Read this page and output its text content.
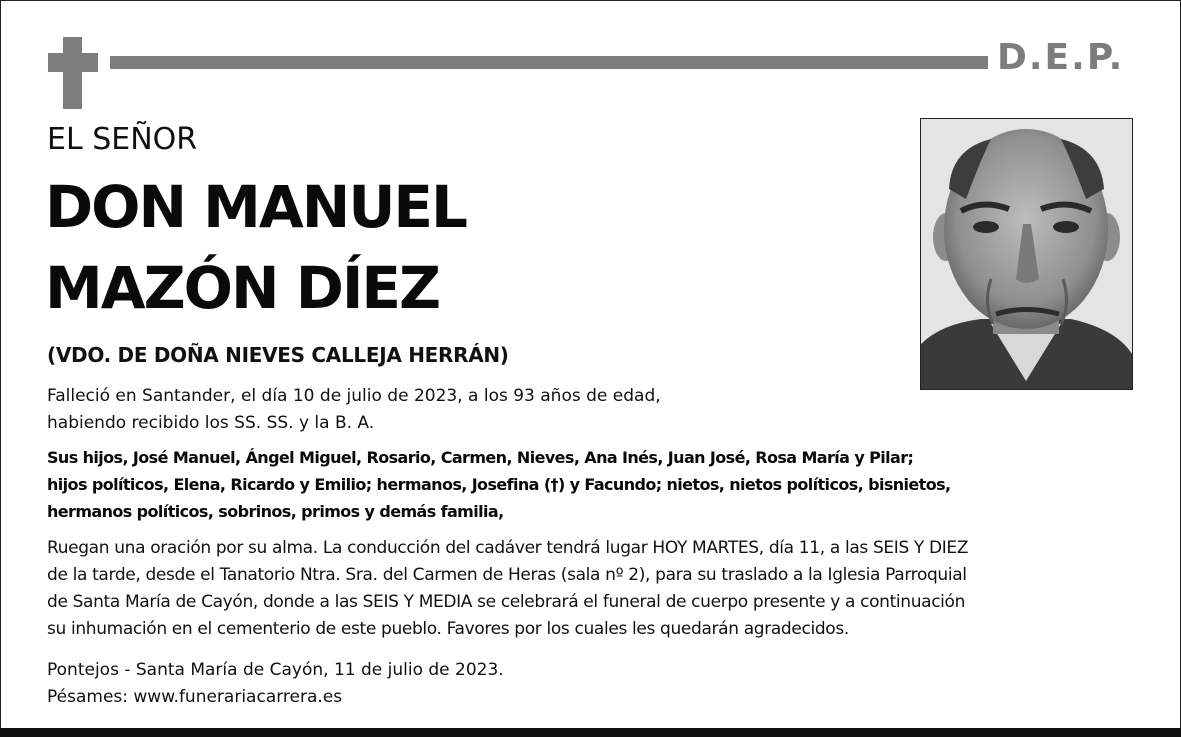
D.E.P.

EL SEÑOR

DON MANUEL

MAZÓN DÍEZ

(VDO. DE DOÑA NIEVES CALLEJA HERRÁN)

Falleció en Santander, el día 10 de julio de 2023, a los 93 años de edad,

habiendo recibido los SS. SS. y la B. A.

Sus hijos, José Manuel, Ángel Miguel, Rosario, Carmen, Nieves, Ana Inés, Juan José, Rosa María y Pilar;

hijos políticos, Elena, Ricardo y Emilio; hermanos, Josefina (†) y Facundo; nietos, nietos políticos, bisnietos,

hermanos políticos, sobrinos, primos y demás familia,

Ruegan una oración por su alma. La conducción del cadáver tendrá lugar HOY MARTES, día 11, a las SEIS Y DIEZ

de la tarde, desde el Tanatorio Ntra. Sra. del Carmen de Heras (sala nº 2), para su traslado a la Iglesia Parroquial

de Santa María de Cayón, donde a las SEIS Y MEDIA se celebrará el funeral de cuerpo presente y a continuación

su inhumación en el cementerio de este pueblo. Favores por los cuales les quedarán agradecidos.

Pontejos - Santa María de Cayón, 11 de julio de 2023.

Pésames: www.funerariacarrera.es
